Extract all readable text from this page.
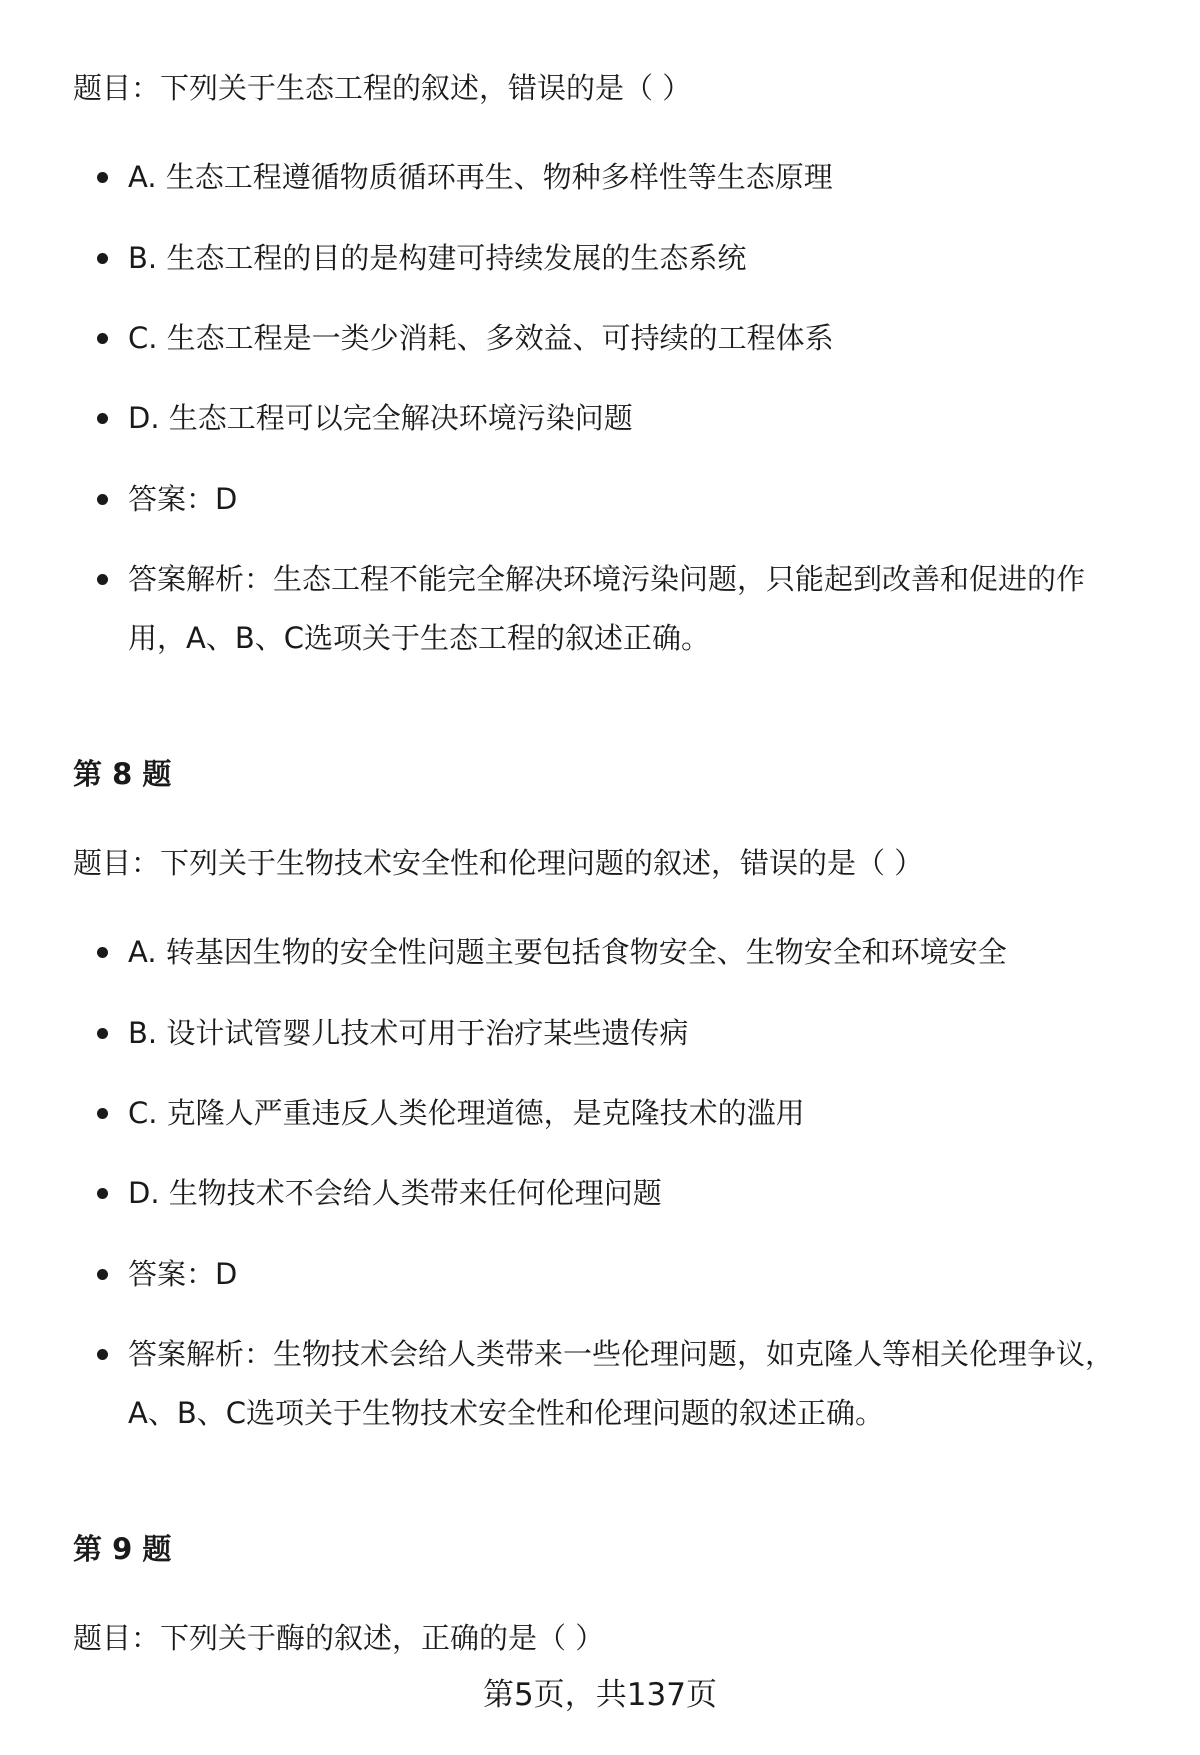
题目：下列关于生态工程的叙述，错误的是（ ）
A. 生态工程遵循物质循环再生、物种多样性等生态原理
B. 生态工程的目的是构建可持续发展的生态系统
C. 生态工程是一类少消耗、多效益、可持续的工程体系
D. 生态工程可以完全解决环境污染问题
答案：D
答案解析：生态工程不能完全解决环境污染问题，只能起到改善和促进的作用，A、B、C选项关于生态工程的叙述正确。
第 8 题
题目：下列关于生物技术安全性和伦理问题的叙述，错误的是（ ）
A. 转基因生物的安全性问题主要包括食物安全、生物安全和环境安全
B. 设计试管婴儿技术可用于治疗某些遗传病
C. 克隆人严重违反人类伦理道德，是克隆技术的滥用
D. 生物技术不会给人类带来任何伦理问题
答案：D
答案解析：生物技术会给人类带来一些伦理问题，如克隆人等相关伦理争议，A、B、C选项关于生物技术安全性和伦理问题的叙述正确。
第 9 题
题目：下列关于酶的叙述，正确的是（ ）
第5页，共137页
